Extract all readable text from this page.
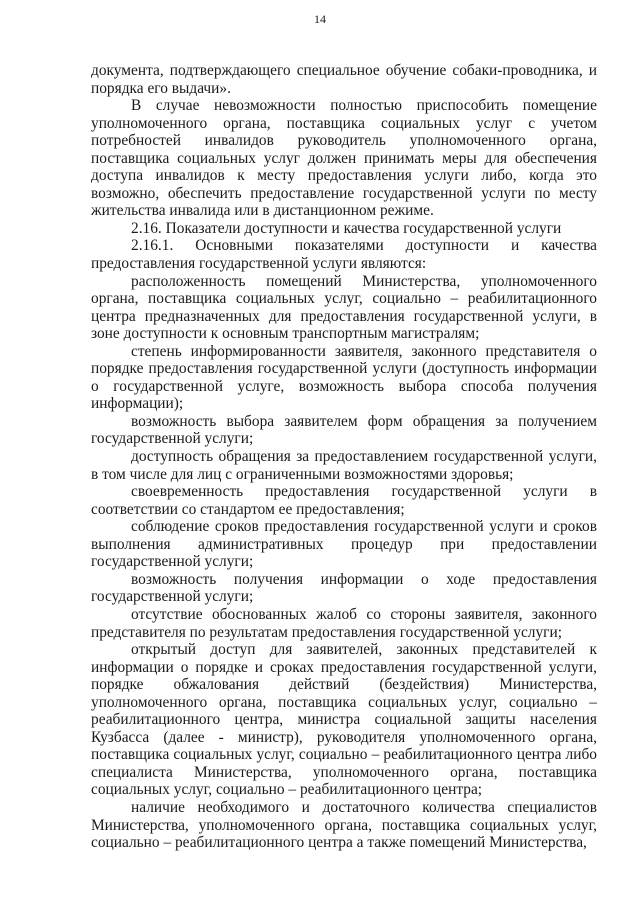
14

документа, подтверждающего специальное обучение собаки-проводника, и порядка его выдачи».

В случае невозможности полностью приспособить помещение уполномоченного органа, поставщика социальных услуг с учетом потребностей инвалидов руководитель уполномоченного органа, поставщика социальных услуг должен принимать меры для обеспечения доступа инвалидов к месту предоставления услуги либо, когда это возможно, обеспечить предоставление государственной услуги по месту жительства инвалида или в дистанционном режиме.

2.16. Показатели доступности и качества государственной услуги

2.16.1. Основными показателями доступности и качества предоставления государственной услуги являются:

расположенность помещений Министерства, уполномоченного органа, поставщика социальных услуг, социально – реабилитационного центра предназначенных для предоставления государственной услуги, в зоне доступности к основным транспортным магистралям;

степень информированности заявителя, законного представителя о порядке предоставления государственной услуги (доступность информации о государственной услуге, возможность выбора способа получения информации);

возможность выбора заявителем форм обращения за получением государственной услуги;

доступность обращения за предоставлением государственной услуги, в том числе для лиц с ограниченными возможностями здоровья;

своевременность предоставления государственной услуги в соответствии со стандартом ее предоставления;

соблюдение сроков предоставления государственной услуги и сроков выполнения административных процедур при предоставлении государственной услуги;

возможность получения информации о ходе предоставления государственной услуги;

отсутствие обоснованных жалоб со стороны заявителя, законного представителя по результатам предоставления государственной услуги;

открытый доступ для заявителей, законных представителей к информации о порядке и сроках предоставления государственной услуги, порядке обжалования действий (бездействия) Министерства, уполномоченного органа, поставщика социальных услуг, социально – реабилитационного центра, министра социальной защиты населения Кузбасса (далее - министр), руководителя уполномоченного органа, поставщика социальных услуг, социально – реабилитационного центра либо специалиста Министерства, уполномоченного органа, поставщика социальных услуг, социально – реабилитационного центра;

наличие необходимого и достаточного количества специалистов Министерства, уполномоченного органа, поставщика социальных услуг, социально – реабилитационного центра а также помещений Министерства,
